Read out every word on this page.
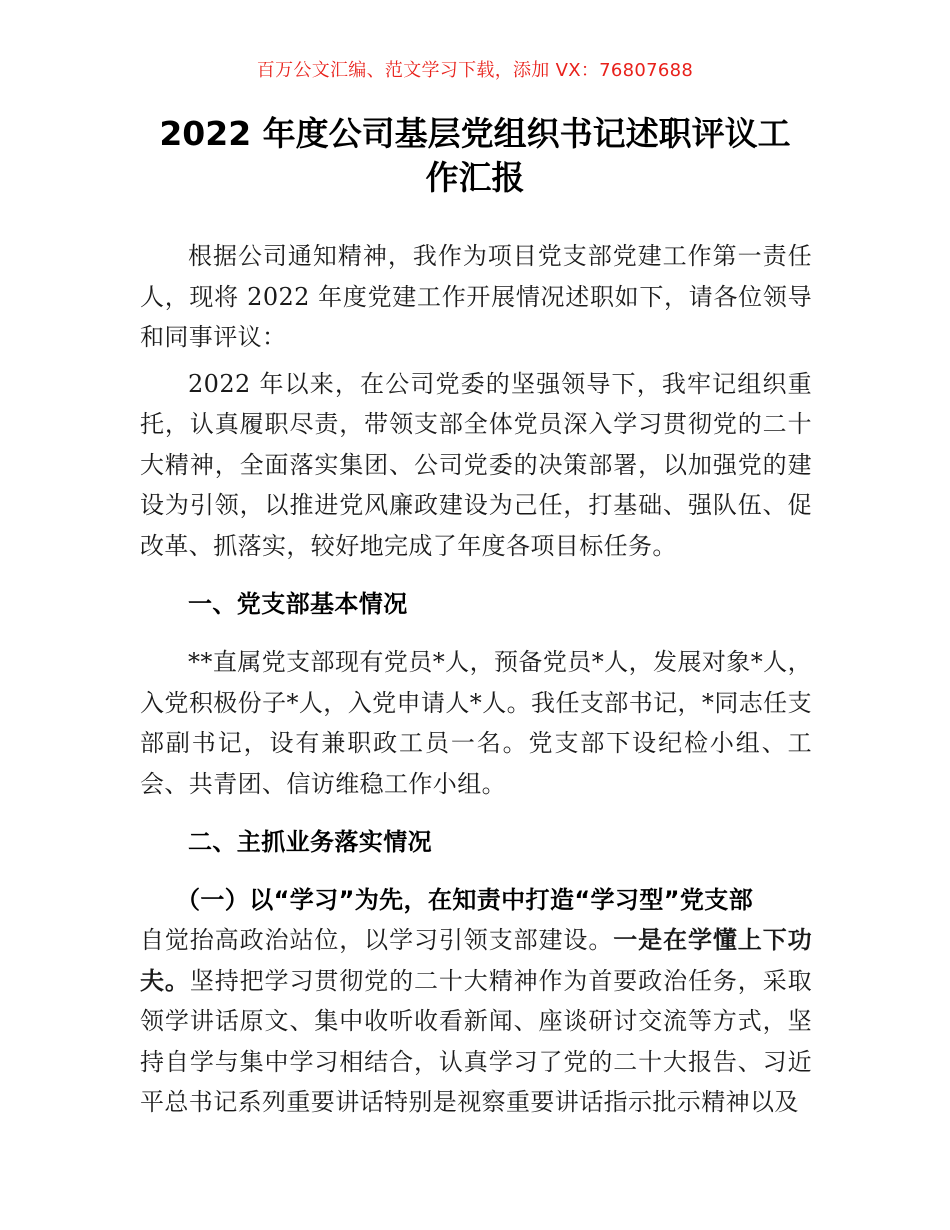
百万公文汇编、范文学习下载，添加 VX：76807688
2022 年度公司基层党组织书记述职评议工
作汇报

根据公司通知精神，我作为项目党支部党建工作第一责任人，现将 2022 年度党建工作开展情况述职如下，请各位领导和同事评议：

2022 年以来，在公司党委的坚强领导下，我牢记组织重托，认真履职尽责，带领支部全体党员深入学习贯彻党的二十大精神，全面落实集团、公司党委的决策部署，以加强党的建设为引领，以推进党风廉政建设为己任，打基础、强队伍、促改革、抓落实，较好地完成了年度各项目标任务。

一、党支部基本情况

**直属党支部现有党员*人，预备党员*人，发展对象*人，入党积极份子*人，入党申请人*人。我任支部书记，*同志任支部副书记，设有兼职政工员一名。党支部下设纪检小组、工会、共青团、信访维稳工作小组。

二、主抓业务落实情况
（一）以“学习”为先，在知责中打造“学习型”党支部

自觉抬高政治站位，以学习引领支部建设。一是在学懂上下功夫。坚持把学习贯彻党的二十大精神作为首要政治任务，采取领学讲话原文、集中收听收看新闻、座谈研讨交流等方式，坚持自学与集中学习相结合，认真学习了党的二十大报告、习近平总书记系列重要讲话特别是视察重要讲话指示批示精神以及
